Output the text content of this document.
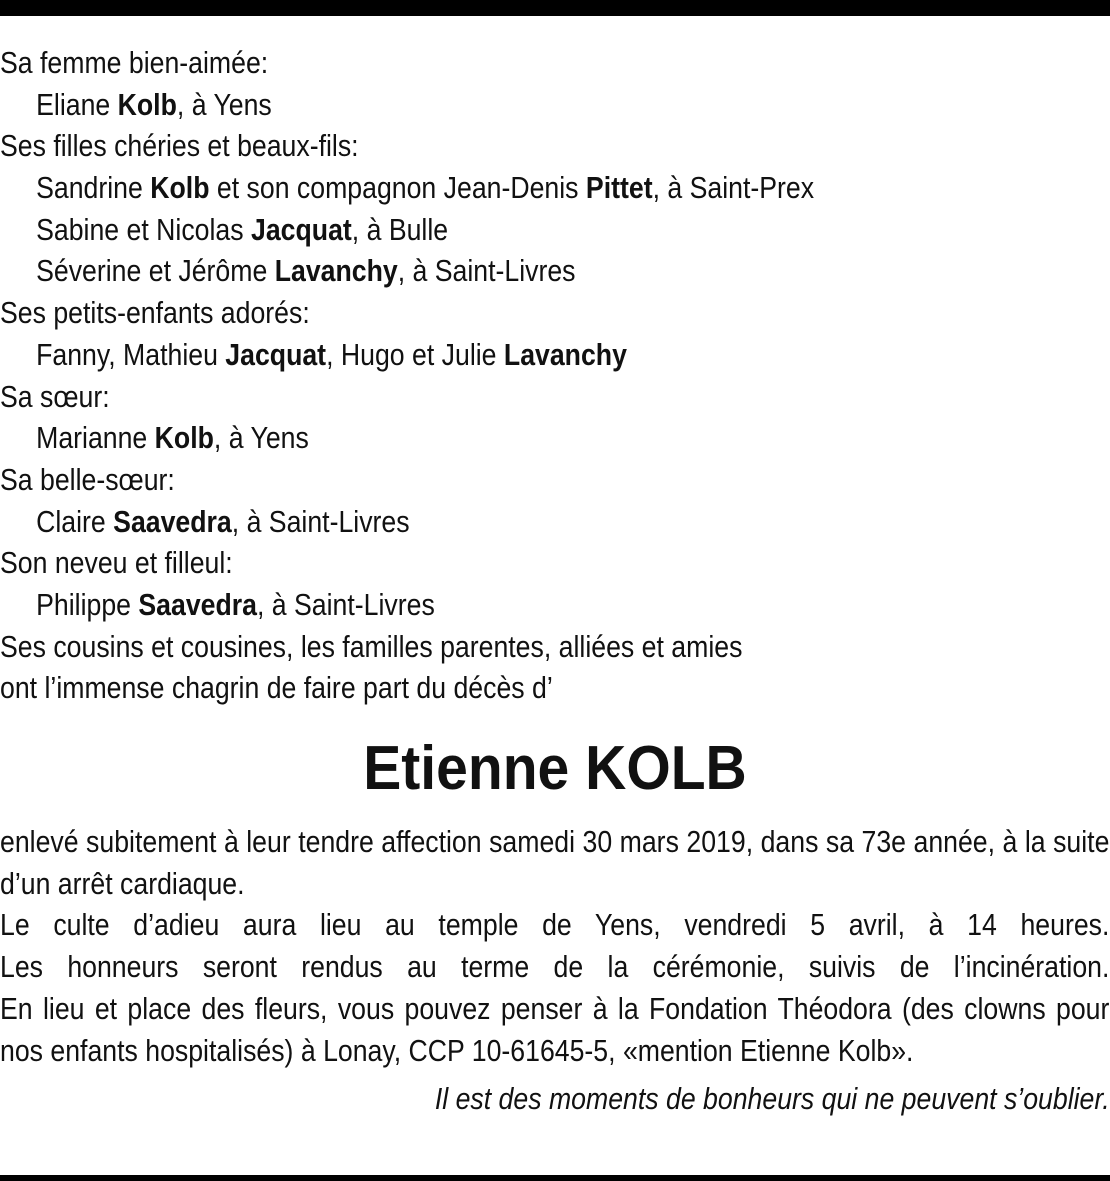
Sa femme bien-aimée:
Eliane Kolb, à Yens
Ses filles chéries et beaux-fils:
Sandrine Kolb et son compagnon Jean-Denis Pittet, à Saint-Prex
Sabine et Nicolas Jacquat, à Bulle
Séverine et Jérôme Lavanchy, à Saint-Livres
Ses petits-enfants adorés:
Fanny, Mathieu Jacquat, Hugo et Julie Lavanchy
Sa sœur:
Marianne Kolb, à Yens
Sa belle-sœur:
Claire Saavedra, à Saint-Livres
Son neveu et filleul:
Philippe Saavedra, à Saint-Livres
Ses cousins et cousines, les familles parentes, alliées et amies
ont l’immense chagrin de faire part du décès d’
Etienne KOLB
enlevé subitement à leur tendre affection samedi 30 mars 2019, dans sa 73e année, à la suite d’un arrêt cardiaque.
Le culte d’adieu aura lieu au temple de Yens, vendredi 5 avril, à 14 heures.
Les honneurs seront rendus au terme de la cérémonie, suivis de l’incinération.
En lieu et place des fleurs, vous pouvez penser à la Fondation Théodora (des clowns pour nos enfants hospitalisés) à Lonay, CCP 10-61645-5, «mention Etienne Kolb».
Il est des moments de bonheurs qui ne peuvent s’oublier.
